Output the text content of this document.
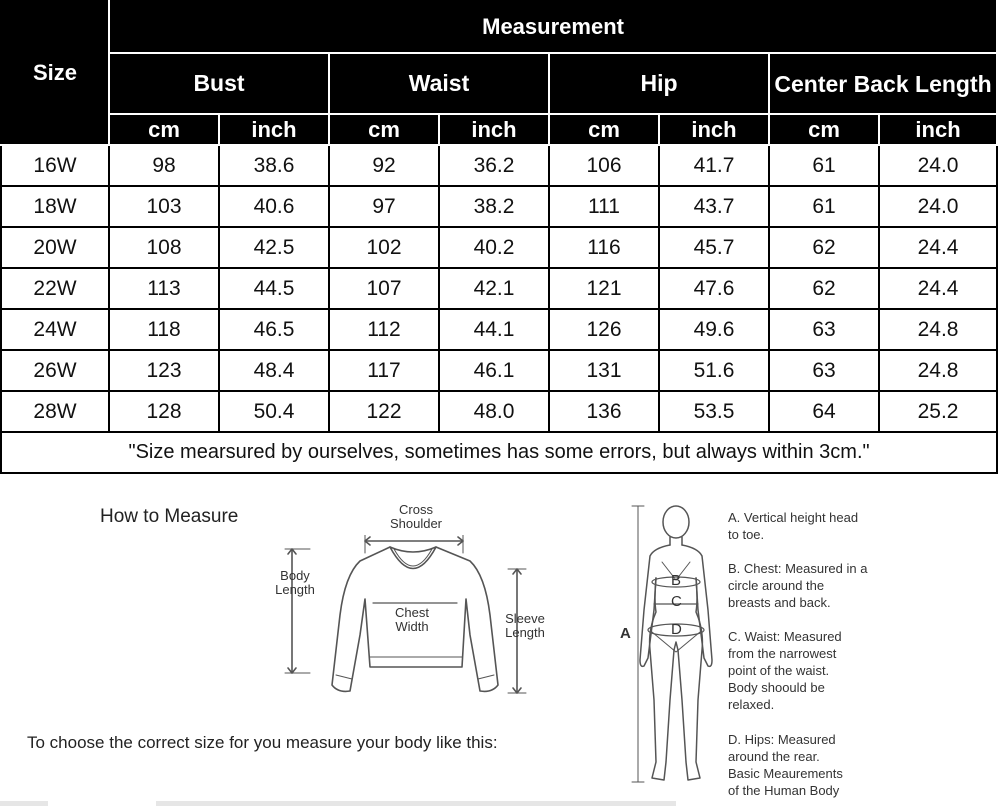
Size	Measurement							
	Bust		Waist		Hip		Center Back Length	
	cm	inch	cm	inch	cm	inch	cm	inch
16W	98	38.6	92	36.2	106	41.7	61	24.0
18W	103	40.6	97	38.2	111	43.7	61	24.0
20W	108	42.5	102	40.2	116	45.7	62	24.4
22W	113	44.5	107	42.1	121	47.6	62	24.4
24W	118	46.5	112	44.1	126	49.6	63	24.8
26W	123	48.4	117	46.1	131	51.6	63	24.8
28W	128	50.4	122	48.0	136	53.5	64	25.2
"Size mearsured by ourselves, sometimes has some errors, but always within 3cm."								
How to Measure
To choose the correct size for you measure your body like this:
Cross
Shoulder
Body
Length
Chest
Width
Sleeve
Length	A
B
C
D
A. Vertical height head
to toe.
B. Chest: Measured in a
circle around the
breasts and back.
C. Waist: Measured
from the narrowest
point of the waist.
Body shoould be
relaxed.
D. Hips: Measured
around the rear.
Basic Meaurements
of the Human Body
